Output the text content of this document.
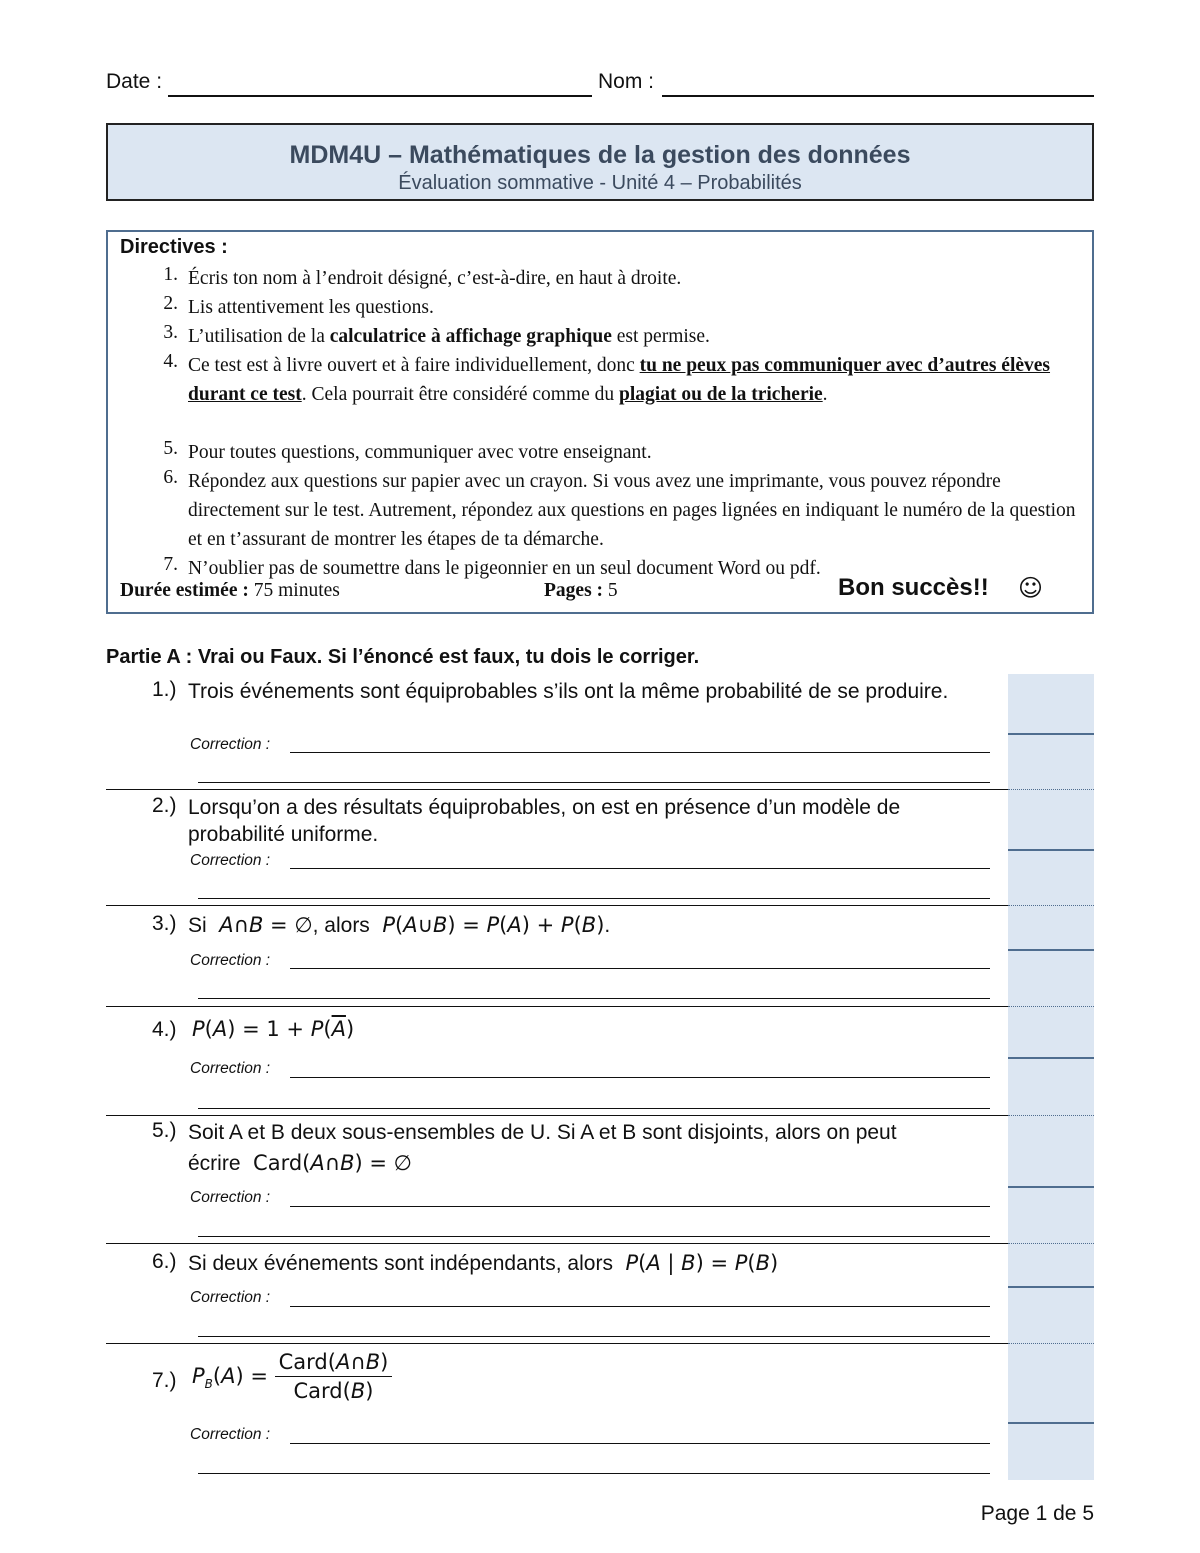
Date :	Nom :
MDM4U – Mathématiques de la gestion des données
Évaluation sommative - Unité 4 – Probabilités
Directives :
1. Écris ton nom à l’endroit désigné, c’est-à-dire, en haut à droite.
2. Lis attentivement les questions.
3. L’utilisation de la calculatrice à affichage graphique est permise.
4. Ce test est à livre ouvert et à faire individuellement, donc tu ne peux pas communiquer avec d’autres élèves durant ce test. Cela pourrait être considéré comme du plagiat ou de la tricherie.
5. Pour toutes questions, communiquer avec votre enseignant.
6. Répondez aux questions sur papier avec un crayon. Si vous avez une imprimante, vous pouvez répondre directement sur le test. Autrement, répondez aux questions en pages lignées en indiquant le numéro de la question et en t’assurant de montrer les étapes de ta démarche.
7. N’oublier pas de soumettre dans le pigeonnier en un seul document Word ou pdf.
Durée estimée : 75 minutes	Pages : 5	Bon succès!! ☺
Partie A : Vrai ou Faux. Si l’énoncé est faux, tu dois le corriger.
1.) Trois événements sont équiprobables s’ils ont la même probabilité de se produire.
Correction :
2.) Lorsqu’on a des résultats équiprobables, on est en présence d’un modèle de probabilité uniforme.
Correction :
3.) Si  A∩B = ∅, alors  P(A∪B) = P(A) + P(B).
Correction :
4.) $P(A) = 1 + P(\overline{A})$
Correction :
5.) Soit A et B deux sous-ensembles de U. Si A et B sont disjoints, alors on peut
écrire Card(A∩B) = ∅
Correction :
6.) Si deux événements sont indépendants, alors  P(A | B) = P(B)
Correction :
7.) $P_B(A) = \frac{\text{Card(A∩B)}}{\text{Card(B)}}$
Correction :
Page 1 de 5
